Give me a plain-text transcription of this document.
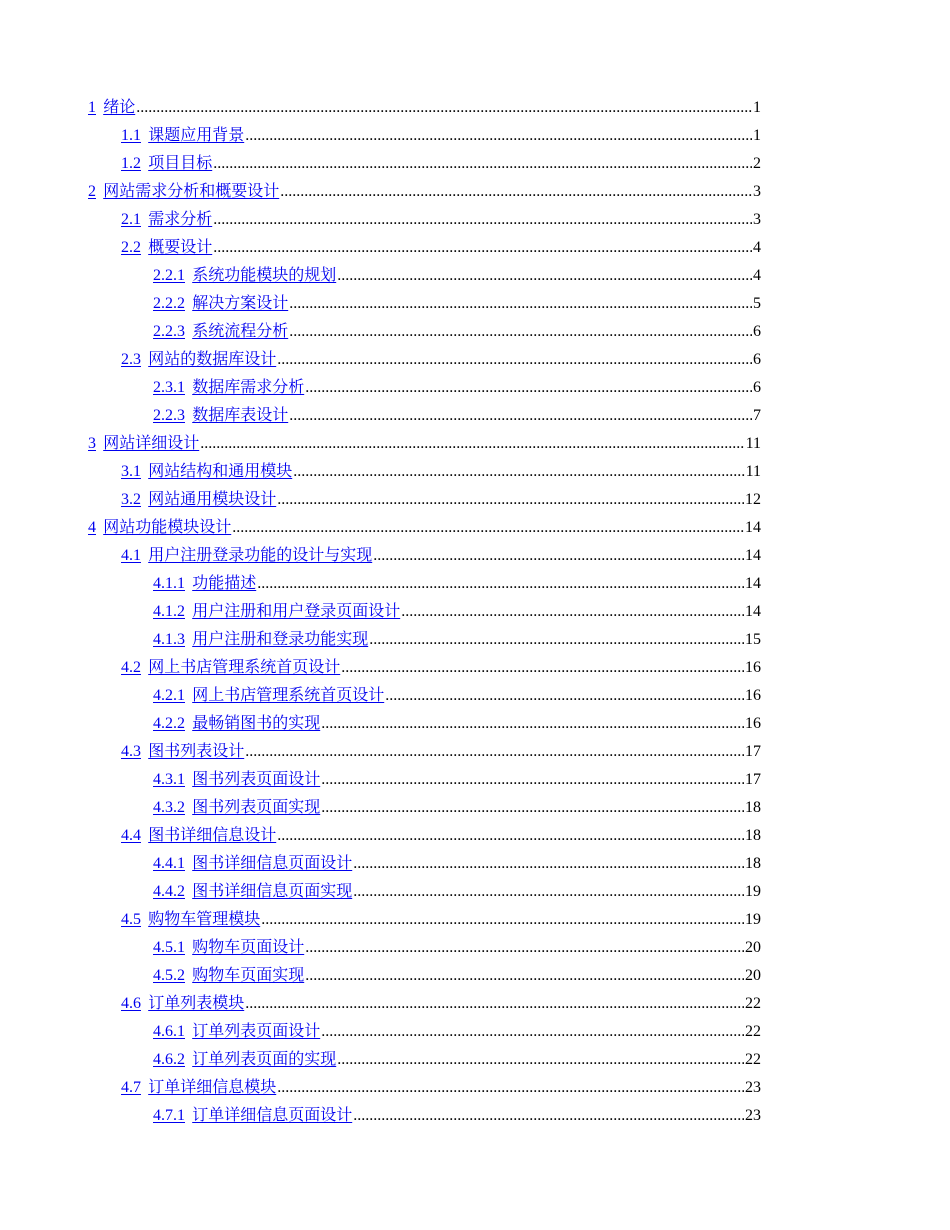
1 绪论 .....	1
1.1 课题应用背景 .....	1
1.2 项目目标 .....	2
2 网站需求分析和概要设计 .....	3
2.1 需求分析 .....	3
2.2 概要设计 .....	4
2.2.1 系统功能模块的规划 .....	4
2.2.2 解决方案设计 .....	5
2.2.3 系统流程分析 .....	6
2.3 网站的数据库设计 .....	6
2.3.1 数据库需求分析 .....	6
2.2.3 数据库表设计 .....	7
3 网站详细设计 .....	11
3.1 网站结构和通用模块 .....	11
3.2 网站通用模块设计 .....	12
4 网站功能模块设计 .....	14
4.1 用户注册登录功能的设计与实现 .....	14
4.1.1 功能描述 .....	14
4.1.2 用户注册和用户登录页面设计 .....	14
4.1.3 用户注册和登录功能实现 .....	15
4.2 网上书店管理系统首页设计 .....	16
4.2.1 网上书店管理系统首页设计 .....	16
4.2.2 最畅销图书的实现 .....	16
4.3 图书列表设计 .....	17
4.3.1 图书列表页面设计 .....	17
4.3.2 图书列表页面实现 .....	18
4.4 图书详细信息设计 .....	18
4.4.1 图书详细信息页面设计 .....	18
4.4.2 图书详细信息页面实现 .....	19
4.5 购物车管理模块 .....	19
4.5.1 购物车页面设计 .....	20
4.5.2 购物车页面实现 .....	20
4.6 订单列表模块 .....	22
4.6.1 订单列表页面设计 .....	22
4.6.2 订单列表页面的实现 .....	22
4.7 订单详细信息模块 .....	23
4.7.1 订单详细信息页面设计 .....	23
